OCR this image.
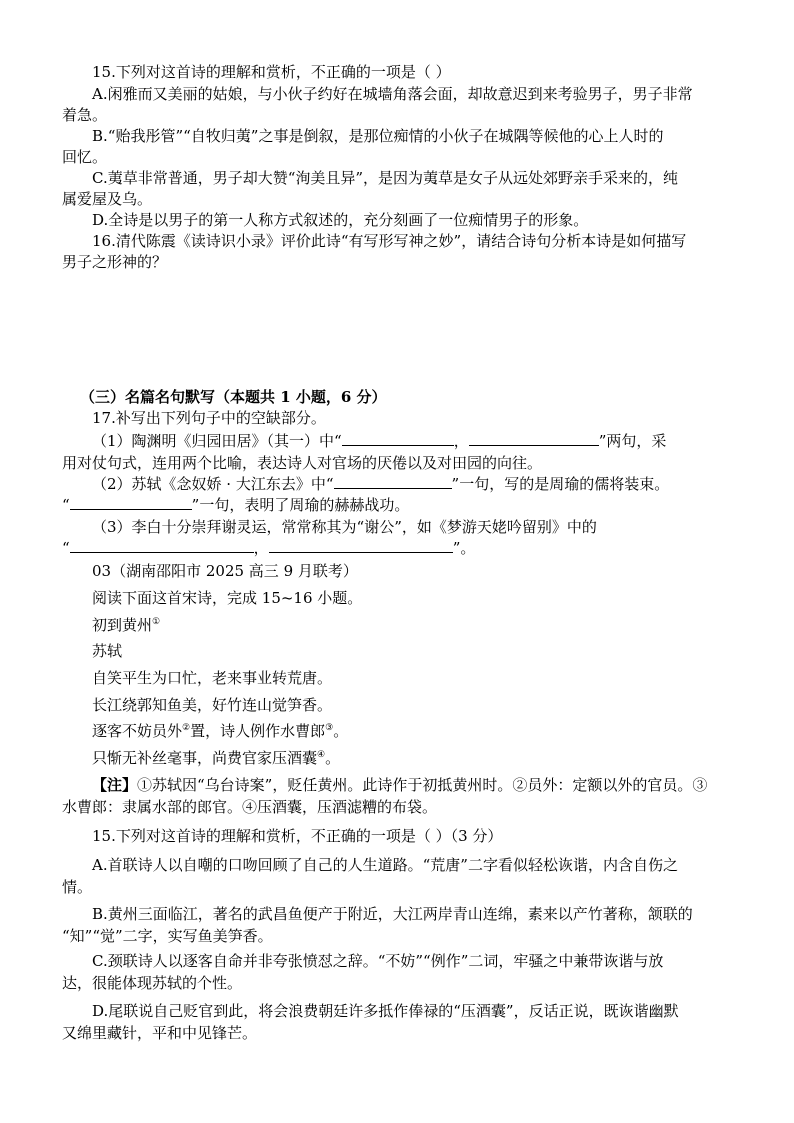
15.下列对这首诗的理解和赏析，不正确的一项是（ ）
A.闲雅而又美丽的姑娘，与小伙子约好在城墙角落会面，却故意迟到来考验男子，男子非常
着急。
B.“贻我彤管”“自牧归荑”之事是倒叙，是那位痴情的小伙子在城隅等候他的心上人时的
回忆。
C.荑草非常普通，男子却大赞“洵美且异”，是因为荑草是女子从远处郊野亲手采来的，纯
属爱屋及乌。
D.全诗是以男子的第一人称方式叙述的，充分刻画了一位痴情男子的形象。
16.清代陈震《读诗识小录》评价此诗“有写形写神之妙”，请结合诗句分析本诗是如何描写
男子之形神的？
（三）名篇名句默写（本题共 1 小题，6 分）
17.补写出下列句子中的空缺部分。
（1）陶渊明《归园田居》（其一）中“	，	”两句，采
用对仗句式，连用两个比喻，表达诗人对官场的厌倦以及对田园的向往。
（2）苏轼《念奴娇 · 大江东去》中“	”一句，写的是周瑜的儒将装束。
“	”一句，表明了周瑜的赫赫战功。
（3）李白十分崇拜谢灵运，常常称其为“谢公”，如《梦游天姥吟留别》中的
“	，	”。
03（湖南邵阳市 2025 高三 9 月联考）
阅读下面这首宋诗，完成 15~16 小题。
初到黄州①
苏轼
自笑平生为口忙，老来事业转荒唐。
长江绕郭知鱼美，好竹连山觉笋香。
逐客不妨员外②置，诗人例作水曹郎③。
只惭无补丝毫事，尚费官家压酒囊④。
【注】①苏轼因“乌台诗案”，贬任黄州。此诗作于初抵黄州时。②员外：定额以外的官员。③
水曹郎：隶属水部的郎官。④压酒囊，压酒滤糟的布袋。
15.下列对这首诗的理解和赏析，不正确的一项是（ ）（3 分）
A.首联诗人以自嘲的口吻回顾了自己的人生道路。“荒唐”二字看似轻松诙谐，内含自伤之
情。
B.黄州三面临江，著名的武昌鱼便产于附近，大江两岸青山连绵，素来以产竹著称，颔联的
“知”“觉”二字，实写鱼美笋香。
C.颈联诗人以逐客自命并非夸张愤怼之辞。“不妨”“例作”二词，牢骚之中兼带诙谐与放
达，很能体现苏轼的个性。
D.尾联说自己贬官到此，将会浪费朝廷许多抵作俸禄的“压酒囊”，反话正说，既诙谐幽默
又绵里藏针，平和中见锋芒。
